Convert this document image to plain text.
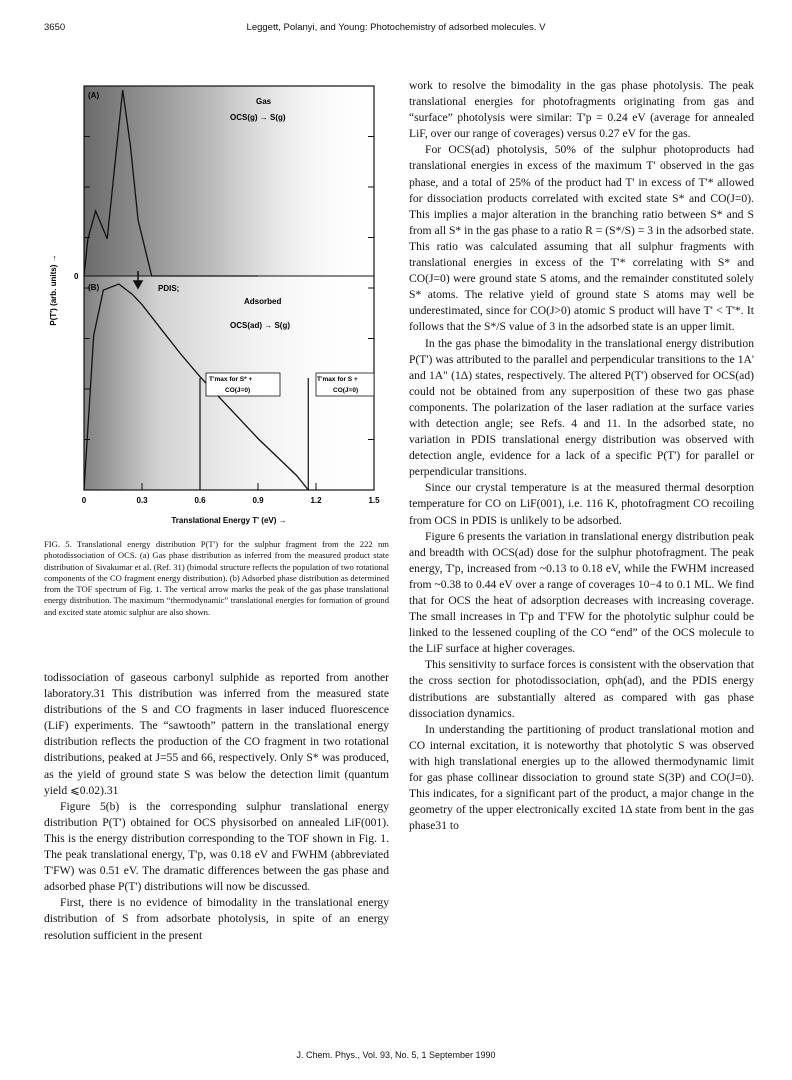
3650	Leggett, Polanyi, and Young: Photochemistry of adsorbed molecules. V
(A)
(B)
Gas
OCS(g) → S(g)
Adsorbed
OCS(ad) → S(g)
PDIS;
0
T'max for S* +
CO(J=0)
T'max for S +
CO(J=0)
0	0.3	0.6	0.9	1.2	1.5
Translational Energy T' (eV) →
P(T') (arb. units) →
FIG. 5. Translational energy distribution P(T') for the sulphur fragment from the 222 nm photodissociation of OCS. (a) Gas phase distribution as inferred from the measured product state distribution of Sivakumar et al. (Ref. 31) (bimodal structure reflects the population of two rotational components of the CO fragment energy distribution). (b) Adsorbed phase distribution as determined from the TOF spectrum of Fig. 1. The vertical arrow marks the peak of the gas phase translational energy distribution. The maximum “thermodynamic” translational energies for formation of ground and excited state atomic sulphur are also shown.

todissociation of gaseous carbonyl sulphide as reported from another laboratory.31 This distribution was inferred from the measured state distributions of the S and CO fragments in laser induced fluorescence (LiF) experiments. The “sawtooth” pattern in the translational energy distribution reflects the production of the CO fragment in two rotational distributions, peaked at J=55 and 66, respectively. Only S* was produced, as the yield of ground state S was below the detection limit (quantum yield ⩽0.02).31

Figure 5(b) is the corresponding sulphur translational energy distribution P(T') obtained for OCS physisorbed on annealed LiF(001). This is the energy distribution corresponding to the TOF shown in Fig. 1. The peak translational energy, T'p, was 0.18 eV and FWHM (abbreviated T'FW) was 0.51 eV. The dramatic differences between the gas phase and adsorbed phase P(T') distributions will now be discussed.

First, there is no evidence of bimodality in the translational energy distribution of S from adsorbate photolysis, in spite of an energy resolution sufficient in the present

work to resolve the bimodality in the gas phase photolysis. The peak translational energies for photofragments originating from gas and “surface” photolysis were similar: T'p = 0.24 eV (average for annealed LiF, over our range of coverages) versus 0.27 eV for the gas.

For OCS(ad) photolysis, 50% of the sulphur photoproducts had translational energies in excess of the maximum T' observed in the gas phase, and a total of 25% of the product had T' in excess of T'* allowed for dissociation products correlated with excited state S* and CO(J=0). This implies a major alteration in the branching ratio between S* and S from all S* in the gas phase to a ratio R = (S*/S) = 3 in the adsorbed state. This ratio was calculated assuming that all sulphur fragments with translational energies in excess of the T'* correlating with S* and CO(J=0) were ground state S atoms, and the remainder constituted solely S* atoms. The relative yield of ground state S atoms may well be underestimated, since for CO(J>0) atomic S product will have T' < T'*. It follows that the S*/S value of 3 in the adsorbed state is an upper limit.

In the gas phase the bimodality in the translational energy distribution P(T') was attributed to the parallel and perpendicular transitions to the 1A' and 1A" (1Δ) states, respectively. The altered P(T') observed for OCS(ad) could not be obtained from any superposition of these two gas phase components. The polarization of the laser radiation at the surface varies with detection angle; see Refs. 4 and 11. In the adsorbed state, no variation in PDIS translational energy distribution was observed with detection angle, evidence for a lack of a specific P(T') for parallel or perpendicular transitions.

Since our crystal temperature is at the measured thermal desorption temperature for CO on LiF(001), i.e. 116 K, photofragment CO recoiling from OCS in PDIS is unlikely to be adsorbed.

Figure 6 presents the variation in translational energy distribution peak and breadth with OCS(ad) dose for the sulphur photofragment. The peak energy, T'p, increased from ~0.13 to 0.18 eV, while the FWHM increased from ~0.38 to 0.44 eV over a range of coverages 10−4 to 0.1 ML. We find that for OCS the heat of adsorption decreases with increasing coverage. The small increases in T'p and T'FW for the photolytic sulphur could be linked to the lessened coupling of the CO “end” of the OCS molecule to the LiF surface at higher coverages.

This sensitivity to surface forces is consistent with the observation that the cross section for photodissociation, σph(ad), and the PDIS energy distributions are substantially altered as compared with gas phase dissociation dynamics.

In understanding the partitioning of product translational motion and CO internal excitation, it is noteworthy that photolytic S was observed with high translational energies up to the allowed thermodynamic limit for gas phase collinear dissociation to ground state S(3P) and CO(J=0). This indicates, for a significant part of the product, a major change in the geometry of the upper electronically excited 1Δ state from bent in the gas phase31 to

J. Chem. Phys., Vol. 93, No. 5, 1 September 1990
